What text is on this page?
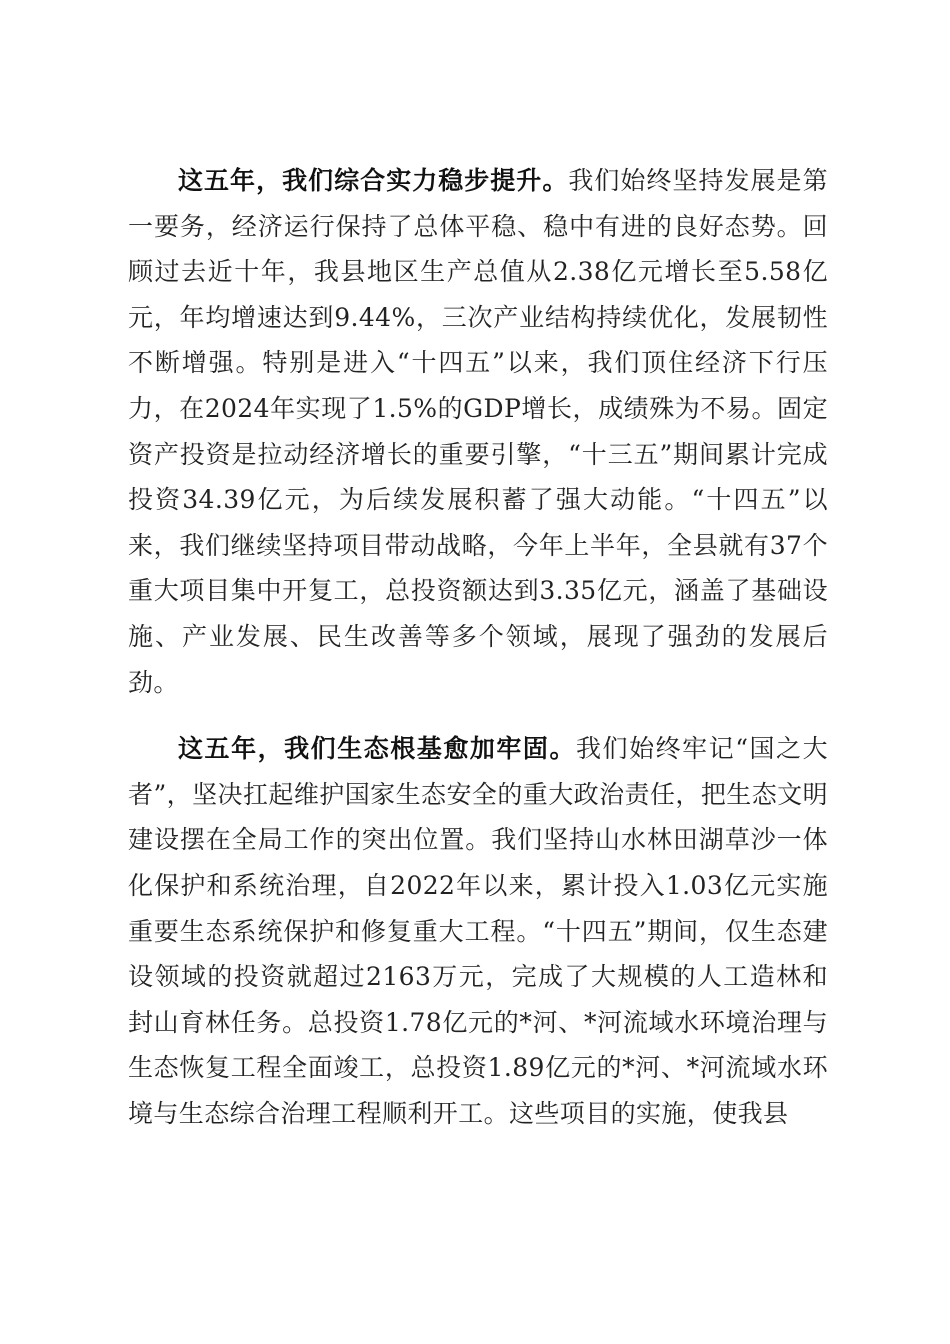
这五年，我们综合实力稳步提升。我们始终坚持发展是第一要务，经济运行保持了总体平稳、稳中有进的良好态势。回顾过去近十年，我县地区生产总值从2.38亿元增长至5.58亿元，年均增速达到9.44%，三次产业结构持续优化，发展韧性不断增强。特别是进入“十四五”以来，我们顶住经济下行压力，在2024年实现了1.5%的GDP增长，成绩殊为不易。固定资产投资是拉动经济增长的重要引擎，“十三五”期间累计完成投资34.39亿元，为后续发展积蓄了强大动能。“十四五”以来，我们继续坚持项目带动战略，今年上半年，全县就有37个重大项目集中开复工，总投资额达到3.35亿元，涵盖了基础设施、产业发展、民生改善等多个领域，展现了强劲的发展后劲。

这五年，我们生态根基愈加牢固。我们始终牢记“国之大者”，坚决扛起维护国家生态安全的重大政治责任，把生态文明建设摆在全局工作的突出位置。我们坚持山水林田湖草沙一体化保护和系统治理，自2022年以来，累计投入1.03亿元实施重要生态系统保护和修复重大工程。“十四五”期间，仅生态建设领域的投资就超过2163万元，完成了大规模的人工造林和封山育林任务。总投资1.78亿元的*河、*河流域水环境治理与生态恢复工程全面竣工，总投资1.89亿元的*河、*河流域水环境与生态综合治理工程顺利开工。这些项目的实施，使我县
